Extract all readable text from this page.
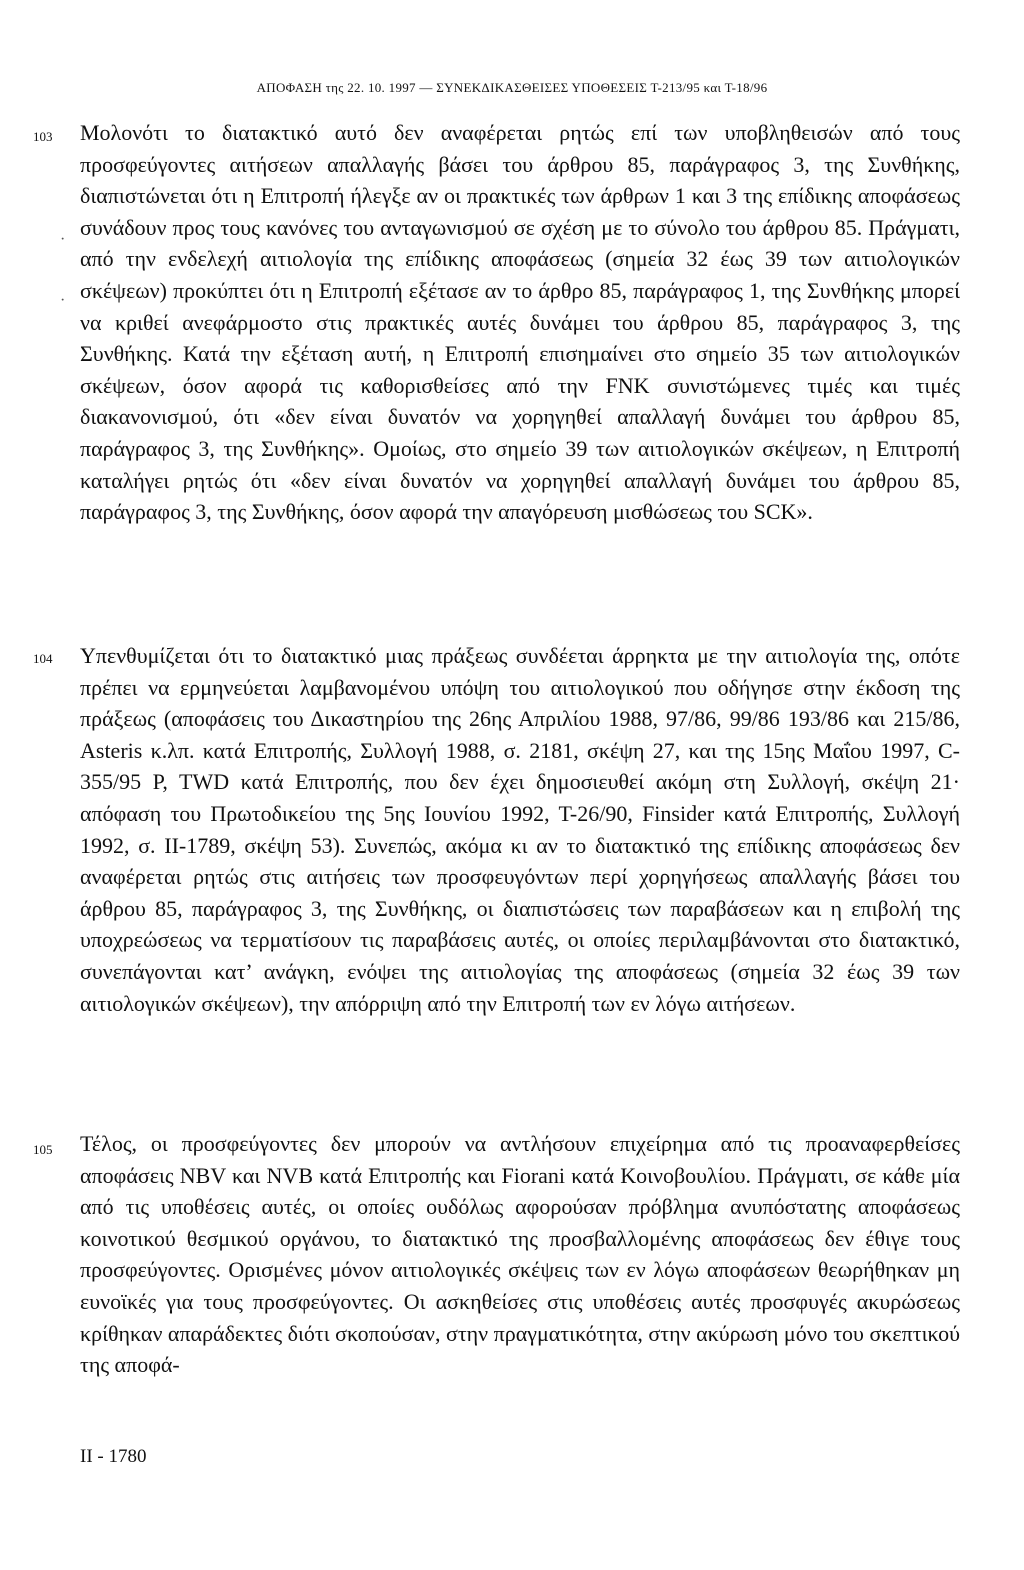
ΑΠΟΦΑΣΗ της 22. 10. 1997 — ΣΥΝΕΚΔΙΚΑΣΘΕΙΣΕΣ ΥΠΟΘΕΣΕΙΣ Τ-213/95 και Τ-18/96
103
·
·
Μολονότι το διατακτικό αυτό δεν αναφέρεται ρητώς επί των υποβληθεισών από τους προσφεύγοντες αιτήσεων απαλλαγής βάσει του άρθρου 85, παράγραφος 3, της Συνθήκης, διαπιστώνεται ότι η Επιτροπή ήλεγξε αν οι πρακτικές των άρθρων 1 και 3 της επίδικης αποφάσεως συνάδουν προς τους κανόνες του ανταγωνισμού σε σχέση με το σύνολο του άρθρου 85. Πράγματι, από την ενδελεχή αιτιολογία της επίδικης αποφάσεως (σημεία 32 έως 39 των αιτιολογικών σκέψεων) προκύπτει ότι η Επιτροπή εξέτασε αν το άρθρο 85, παράγραφος 1, της Συνθήκης μπορεί να κριθεί ανεφάρμοστο στις πρακτικές αυτές δυνάμει του άρθρου 85, παράγραφος 3, της Συνθήκης. Κατά την εξέταση αυτή, η Επιτροπή επισημαίνει στο σημείο 35 των αιτιολογικών σκέψεων, όσον αφορά τις καθορισθείσες από την FNK συνιστώμενες τιμές και τιμές διακανονισμού, ότι «δεν είναι δυνατόν να χορηγηθεί απαλλαγή δυνάμει του άρθρου 85, παράγραφος 3, της Συνθήκης». Ομοίως, στο σημείο 39 των αιτιολογικών σκέψεων, η Επιτροπή καταλήγει ρητώς ότι «δεν είναι δυνατόν να χορηγηθεί απαλλαγή δυνάμει του άρθρου 85, παράγραφος 3, της Συνθήκης, όσον αφορά την απαγόρευση μισθώσεως του SCK».
104 Υπενθυμίζεται ότι το διατακτικό μιας πράξεως συνδέεται άρρηκτα με την αιτιολογία της, οπότε πρέπει να ερμηνεύεται λαμβανομένου υπόψη του αιτιολογικού που οδήγησε στην έκδοση της πράξεως (αποφάσεις του Δικαστηρίου της 26ης Απριλίου 1988, 97/86, 99/86 193/86 και 215/86, Asteris κ.λπ. κατά Επιτροπής, Συλλογή 1988, σ. 2181, σκέψη 27, και της 15ης Μαΐου 1997, C-355/95 P, TWD κατά Επιτροπής, που δεν έχει δημοσιευθεί ακόμη στη Συλλογή, σκέψη 21· απόφαση του Πρωτοδικείου της 5ης Ιουνίου 1992, Τ-26/90, Finsider κατά Επιτροπής, Συλλογή 1992, σ. II-1789, σκέψη 53). Συνεπώς, ακόμα κι αν το διατακτικό της επίδικης αποφάσεως δεν αναφέρεται ρητώς στις αιτήσεις των προσφευγόντων περί χορηγήσεως απαλλαγής βάσει του άρθρου 85, παράγραφος 3, της Συνθήκης, οι διαπιστώσεις των παραβάσεων και η επιβολή της υποχρεώσεως να τερματίσουν τις παραβάσεις αυτές, οι οποίες περιλαμβάνονται στο διατακτικό, συνεπάγονται κατ’ ανάγκη, ενόψει της αιτιολογίας της αποφάσεως (σημεία 32 έως 39 των αιτιολογικών σκέψεων), την απόρριψη από την Επιτροπή των εν λόγω αιτήσεων.
105 Τέλος, οι προσφεύγοντες δεν μπορούν να αντλήσουν επιχείρημα από τις προαναφερθείσες αποφάσεις NBV και NVB κατά Επιτροπής και Fiorani κατά Κοινοβουλίου. Πράγματι, σε κάθε μία από τις υποθέσεις αυτές, οι οποίες ουδόλως αφορούσαν πρόβλημα ανυπόστατης αποφάσεως κοινοτικού θεσμικού οργάνου, το διατακτικό της προσβαλλομένης αποφάσεως δεν έθιγε τους προσφεύγοντες. Ορισμένες μόνον αιτιολογικές σκέψεις των εν λόγω αποφάσεων θεωρήθηκαν μη ευνοϊκές για τους προσφεύγοντες. Οι ασκηθείσες στις υποθέσεις αυτές προσφυγές ακυρώσεως κρίθηκαν απαράδεκτες διότι σκοπούσαν, στην πραγματικότητα, στην ακύρωση μόνο του σκεπτικού της αποφά-
II - 1780
